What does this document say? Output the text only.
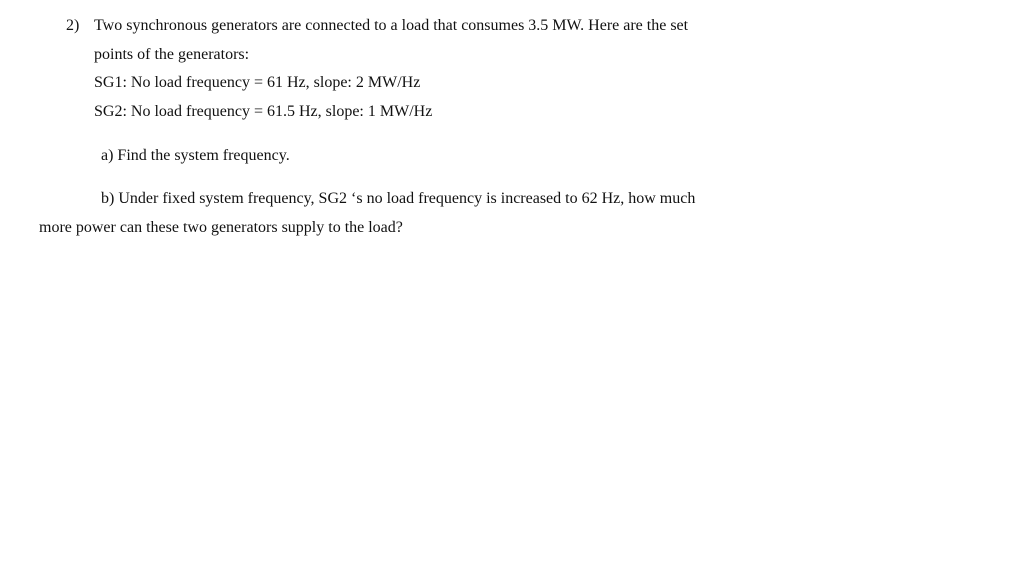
2) Two synchronous generators are connected to a load that consumes 3.5 MW. Here are the set
points of the generators:
SG1: No load frequency = 61 Hz, slope: 2 MW/Hz
SG2: No load frequency = 61.5 Hz, slope: 1 MW/Hz
a) Find the system frequency.
b) Under fixed system frequency, SG2 ‘s no load frequency is increased to 62 Hz, how much
more power can these two generators supply to the load?
